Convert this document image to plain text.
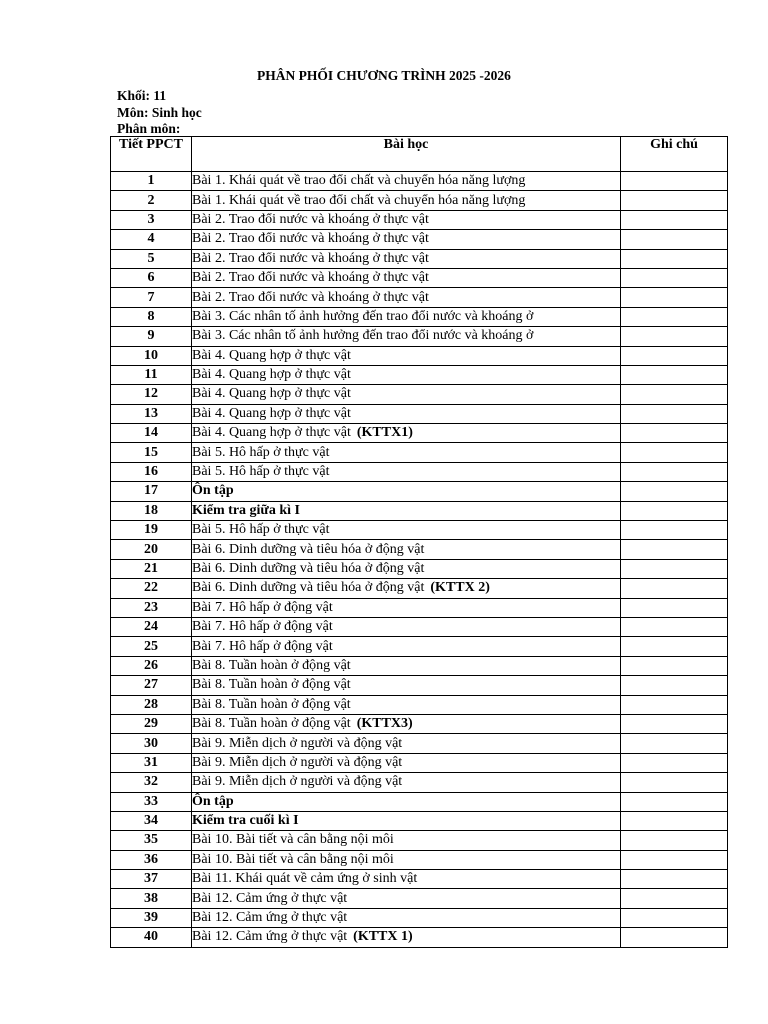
PHÂN PHỐI CHƯƠNG TRÌNH 2025 -2026
Khối: 11
Môn: Sinh học
Phân môn:
Tiết PPCT	Bài học	Ghi chú
1	Bài 1. Khái quát về trao đổi chất và chuyển hóa năng lượng	
2	Bài 1. Khái quát về trao đổi chất và chuyển hóa năng lượng	
3	Bài 2. Trao đổi nước và khoáng ở thực vật	
4	Bài 2. Trao đổi nước và khoáng ở thực vật	
5	Bài 2. Trao đổi nước và khoáng ở thực vật	
6	Bài 2. Trao đổi nước và khoáng ở thực vật	
7	Bài 2. Trao đổi nước và khoáng ở thực vật	
8	Bài 3. Các nhân tố ảnh hưởng đến trao đổi nước và khoáng ở	
9	Bài 3. Các nhân tố ảnh hưởng đến trao đổi nước và khoáng ở	
10	Bài 4. Quang hợp ở thực vật	
11	Bài 4. Quang hợp ở thực vật	
12	Bài 4. Quang hợp ở thực vật	
13	Bài 4. Quang hợp ở thực vật	
14	Bài 4. Quang hợp ở thực vật (KTTX1)	
15	Bài 5. Hô hấp ở thực vật	
16	Bài 5. Hô hấp ở thực vật	
17	Ôn tập	
18	Kiểm tra giữa kì I	
19	Bài 5. Hô hấp ở thực vật	
20	Bài 6. Dinh dưỡng và tiêu hóa ở động vật	
21	Bài 6. Dinh dưỡng và tiêu hóa ở động vật	
22	Bài 6. Dinh dưỡng và tiêu hóa ở động vật (KTTX 2)	
23	Bài 7. Hô hấp ở động vật	
24	Bài 7. Hô hấp ở động vật	
25	Bài 7. Hô hấp ở động vật	
26	Bài 8. Tuần hoàn ở động vật	
27	Bài 8. Tuần hoàn ở động vật	
28	Bài 8. Tuần hoàn ở động vật	
29	Bài 8. Tuần hoàn ở động vật (KTTX3)	
30	Bài 9. Miễn dịch ở người và động vật	
31	Bài 9. Miễn dịch ở người và động vật	
32	Bài 9. Miễn dịch ở người và động vật	
33	Ôn tập	
34	Kiểm tra cuối kì I	
35	Bài 10. Bài tiết và cân bằng nội môi	
36	Bài 10. Bài tiết và cân bằng nội môi	
37	Bài 11. Khái quát về cảm ứng ở sinh vật	
38	Bài 12. Cảm ứng ở thực vật	
39	Bài 12. Cảm ứng ở thực vật	
40	Bài 12. Cảm ứng ở thực vật (KTTX 1)	
